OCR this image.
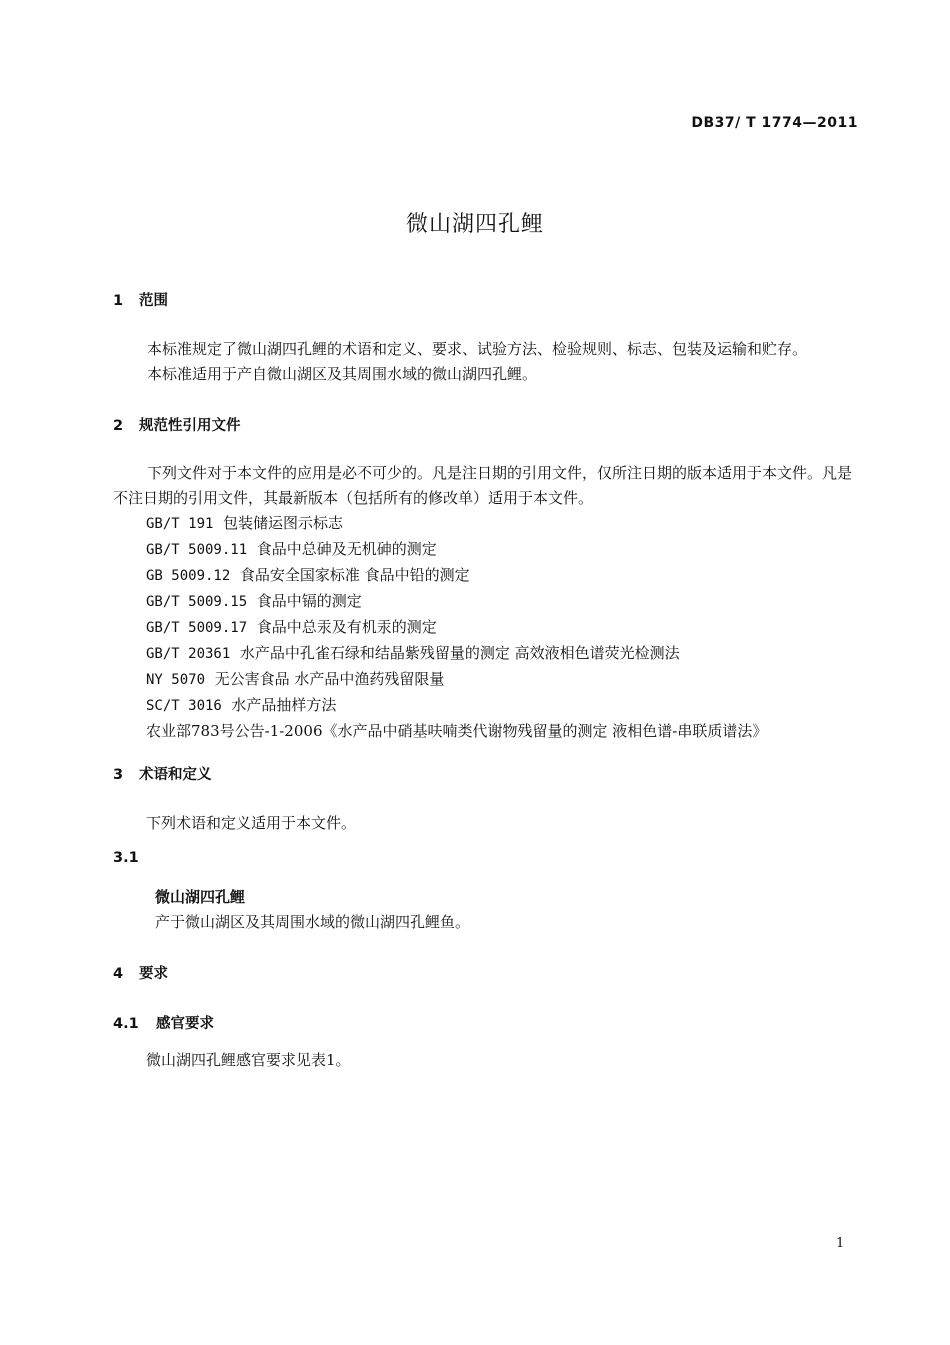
DB37/ T 1774—2011
微山湖四孔鲤
1 范围

本标准规定了微山湖四孔鲤的术语和定义、要求、试验方法、检验规则、标志、包装及运输和贮存。

本标准适用于产自微山湖区及其周围水域的微山湖四孔鲤。

2 规范性引用文件

下列文件对于本文件的应用是必不可少的。凡是注日期的引用文件，仅所注日期的版本适用于本文件。凡是不注日期的引用文件，其最新版本（包括所有的修改单）适用于本文件。

GB/T 191 包装储运图示标志
GB/T 5009.11 食品中总砷及无机砷的测定
GB 5009.12 食品安全国家标准 食品中铅的测定
GB/T 5009.15 食品中镉的测定
GB/T 5009.17 食品中总汞及有机汞的测定
GB/T 20361 水产品中孔雀石绿和结晶紫残留量的测定 高效液相色谱荧光检测法
NY 5070 无公害食品 水产品中渔药残留限量
SC/T 3016 水产品抽样方法
农业部783号公告-1-2006《水产品中硝基呋喃类代谢物残留量的测定 液相色谱-串联质谱法》
3 术语和定义
下列术语和定义适用于本文件。
3.1
微山湖四孔鲤
产于微山湖区及其周围水域的微山湖四孔鲤鱼。
4 要求
4.1 感官要求
微山湖四孔鲤感官要求见表1。
1
